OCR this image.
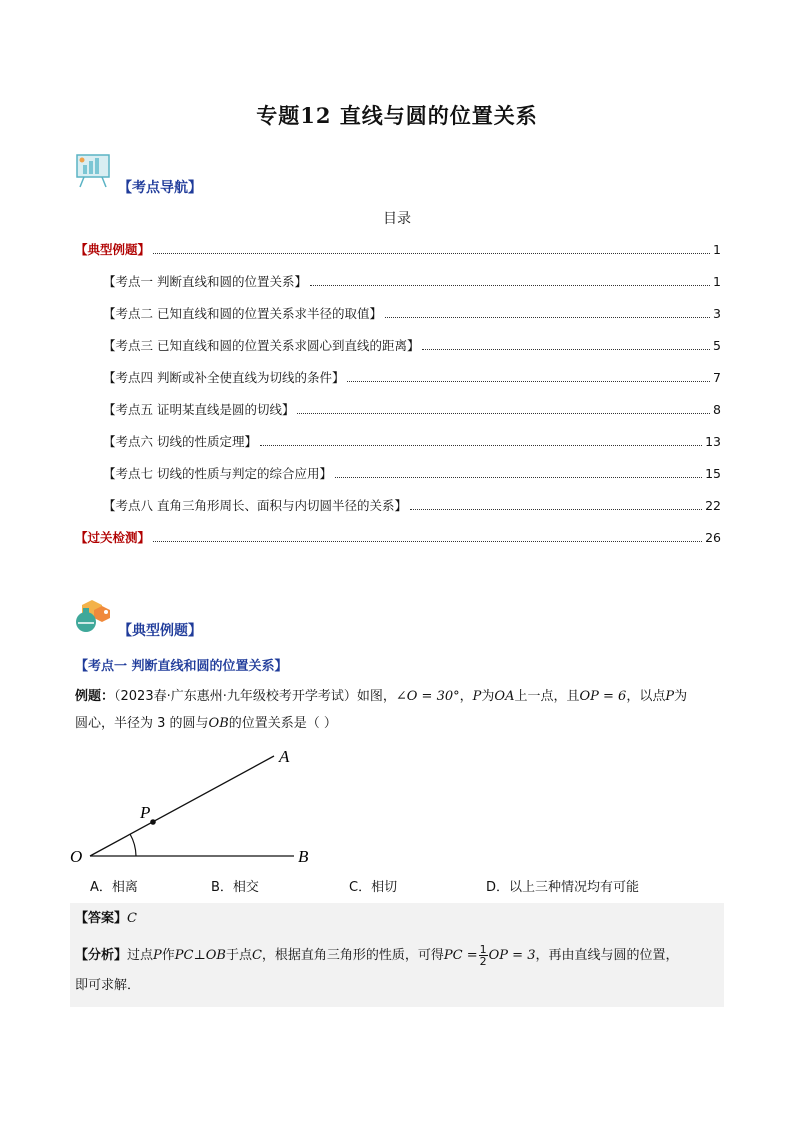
专题12 直线与圆的位置关系
【考点导航】
目录
【典型例题】	1
【考点一 判断直线和圆的位置关系】	1
【考点二 已知直线和圆的位置关系求半径的取值】	3
【考点三 已知直线和圆的位置关系求圆心到直线的距离】	5
【考点四 判断或补全使直线为切线的条件】	7
【考点五 证明某直线是圆的切线】	8
【考点六 切线的性质定理】	13
【考点七 切线的性质与判定的综合应用】	15
【考点八 直角三角形周长、面积与内切圆半径的关系】	22
【过关检测】	26
【典型例题】
【考点一 判断直线和圆的位置关系】
例题：（2023春·广东惠州·九年级校考开学考试）如图，∠O = 30°，P为OA上一点，且OP = 6，以点P为
圆心，半径为 3 的圆与OB的位置关系是（ ）
O
A
B
P
A．相离	B．相交	C．相切	D．以上三种情况均有可能
【答案】C
【分析】过点P作PC⊥OB于点C，根据直角三角形的性质，可得PC = $\frac{1}{2}$ OP = 3，再由直线与圆的位置，
即可求解．
